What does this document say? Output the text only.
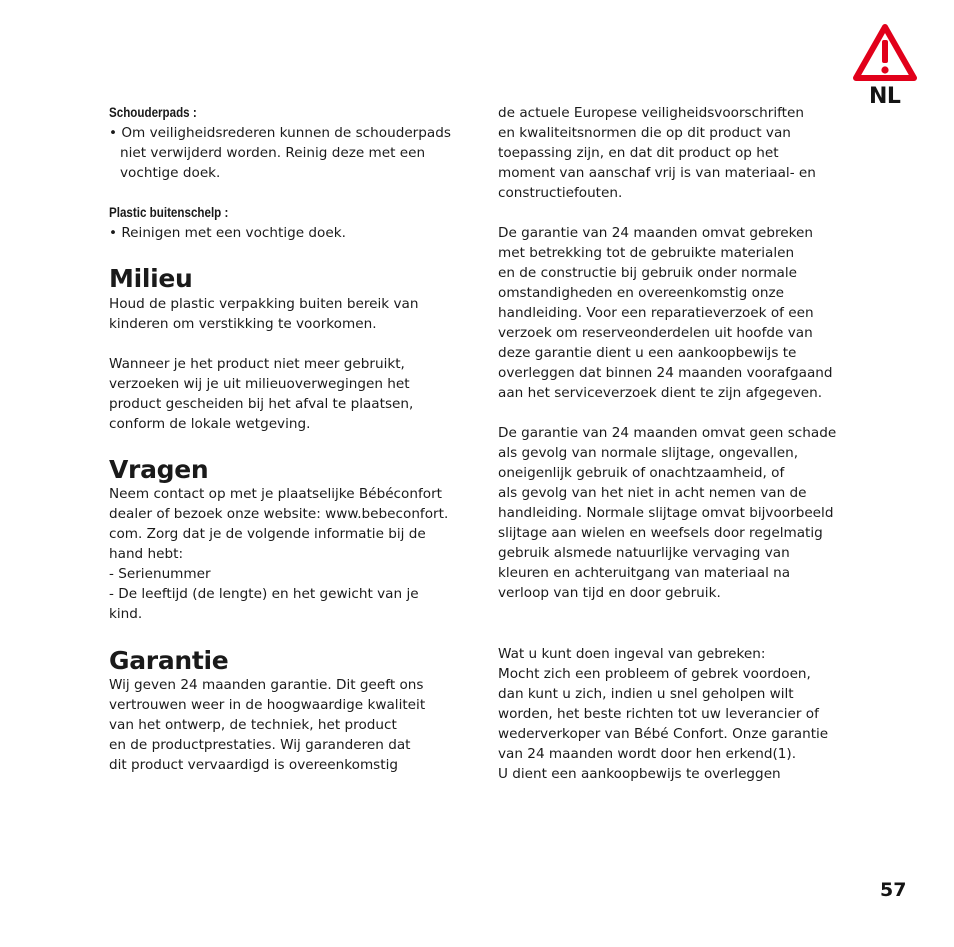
NL
Schouderpads :
• Om veiligheidsrederen kunnen de schouderpads
niet verwijderd worden. Reinig deze met een
vochtige doek.
Plastic buitenschelp :
• Reinigen met een vochtige doek.
Milieu
Houd de plastic verpakking buiten bereik van
kinderen om verstikking te voorkomen.
Wanneer je het product niet meer gebruikt,
verzoeken wij je uit milieuoverwegingen het
product gescheiden bij het afval te plaatsen,
conform de lokale wetgeving.
Vragen
Neem contact op met je plaatselijke Bébéconfort
dealer of bezoek onze website: www.bebeconfort.
com. Zorg dat je de volgende informatie bij de
hand hebt:
- Serienummer
- De leeftijd (de lengte) en het gewicht van je
kind.
Garantie
Wij geven 24 maanden garantie. Dit geeft ons
vertrouwen weer in de hoogwaardige kwaliteit
van het ontwerp, de techniek, het product
en de productprestaties. Wij garanderen dat
dit product vervaardigd is overeenkomstig
de actuele Europese veiligheidsvoorschriften
en kwaliteitsnormen die op dit product van
toepassing zijn, en dat dit product op het
moment van aanschaf vrij is van materiaal- en
constructiefouten.
De garantie van 24 maanden omvat gebreken
met betrekking tot de gebruikte materialen
en de constructie bij gebruik onder normale
omstandigheden en overeenkomstig onze
handleiding. Voor een reparatieverzoek of een
verzoek om reserveonderdelen uit hoofde van
deze garantie dient u een aankoopbewijs te
overleggen dat binnen 24 maanden voorafgaand
aan het serviceverzoek dient te zijn afgegeven.
De garantie van 24 maanden omvat geen schade
als gevolg van normale slijtage, ongevallen,
oneigenlijk gebruik of onachtzaamheid, of
als gevolg van het niet in acht nemen van de
handleiding. Normale slijtage omvat bijvoorbeeld
slijtage aan wielen en weefsels door regelmatig
gebruik alsmede natuurlijke vervaging van
kleuren en achteruitgang van materiaal na
verloop van tijd en door gebruik.
Wat u kunt doen ingeval van gebreken:
Mocht zich een probleem of gebrek voordoen,
dan kunt u zich, indien u snel geholpen wilt
worden, het beste richten tot uw leverancier of
wederverkoper van Bébé Confort. Onze garantie
van 24 maanden wordt door hen erkend(1).
U dient een aankoopbewijs te overleggen
57
